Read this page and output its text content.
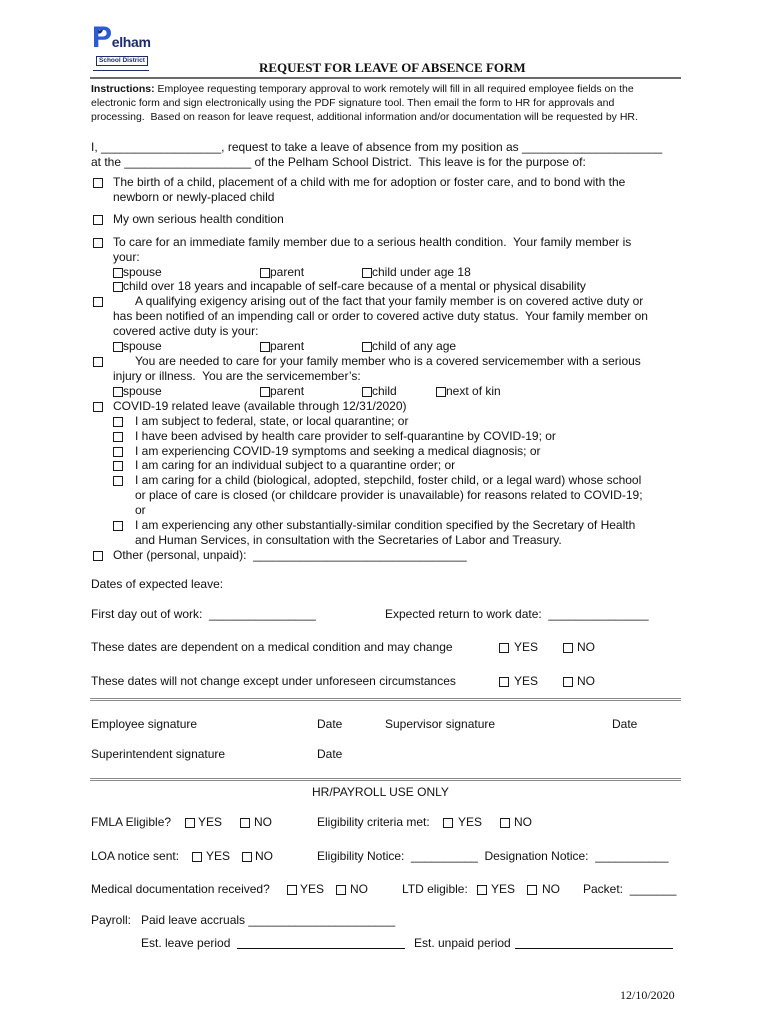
Pelham
School District	REQUEST FOR LEAVE OF ABSENCE FORM
Instructions: Employee requesting temporary approval to work remotely will fill in all required employee fields on the
electronic form and sign electronically using the PDF signature tool. Then email the form to HR for approvals and
processing.  Based on reason for leave request, additional information and/or documentation will be requested by HR.
I, __________________, request to take a leave of absence from my position as _____________________
at the ___________________ of the Pelham School District.  This leave is for the purpose of:
The birth of a child, placement of a child with me for adoption or foster care, and to bond with the
newborn or newly-placed child
My own serious health condition
To care for an immediate family member due to a serious health condition.  Your family member is
your:
spouse	parent	child under age 18
child over 18 years and incapable of self-care because of a mental or physical disability
A qualifying exigency arising out of the fact that your family member is on covered active duty or
has been notified of an impending call or order to covered active duty status.  Your family member on
covered active duty is your:
spouse	parent	child of any age
You are needed to care for your family member who is a covered servicemember with a serious
injury or illness.  You are the servicemember’s:
spouse	parent	child	next of kin
COVID-19 related leave (available through 12/31/2020)
I am subject to federal, state, or local quarantine; or
I have been advised by health care provider to self-quarantine by COVID-19; or
I am experiencing COVID-19 symptoms and seeking a medical diagnosis; or
I am caring for an individual subject to a quarantine order; or
I am caring for a child (biological, adopted, stepchild, foster child, or a legal ward) whose school
or place of care is closed (or childcare provider is unavailable) for reasons related to COVID-19;
or
I am experiencing any other substantially-similar condition specified by the Secretary of Health
and Human Services, in consultation with the Secretaries of Labor and Treasury.
Other (personal, unpaid):  ________________________________
Dates of expected leave:
First day out of work:  ________________	Expected return to work date:  _______________
These dates are dependent on a medical condition and may change	YES	NO
These dates will not change except under unforeseen circumstances	YES	NO
Employee signature	Date	Supervisor signature	Date
Superintendent signature	Date
HR/PAYROLL USE ONLY
FMLA Eligible? YES	NO	Eligibility criteria met: YES	NO
LOA notice sent: YES NO	Eligibility Notice:  __________  Designation Notice:  ___________
Medical documentation received?	YES NO	LTD eligible: YES NO Packet:  _______
Payroll: Paid leave accruals ______________________
Est. leave period	Est. unpaid period
12/10/2020
